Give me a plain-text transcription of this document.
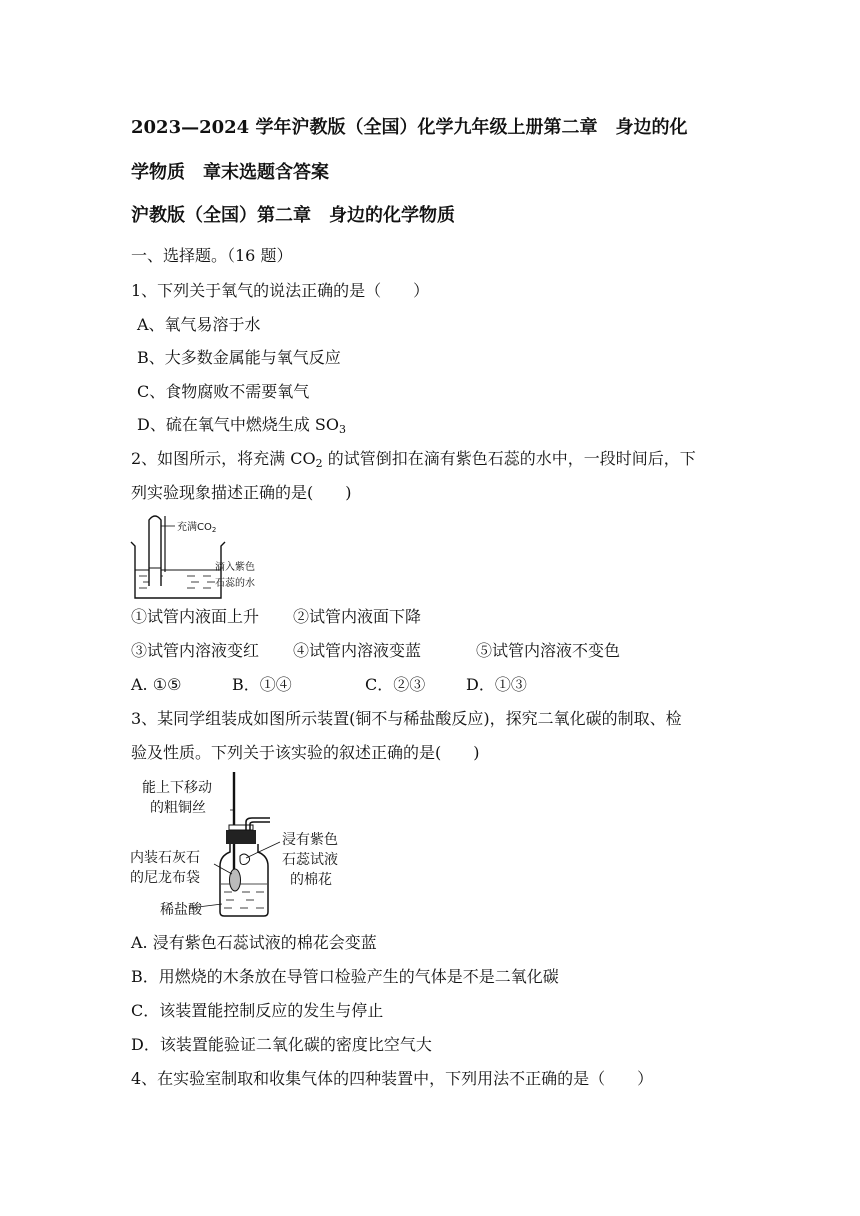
2023—2024 学年沪教版（全国）化学九年级上册第二章　身边的化
学物质　章末选题含答案
沪教版（全国）第二章　身边的化学物质
一、选择题。（16 题）
1、下列关于氧气的说法正确的是（　　）
A、氧气易溶于水
B、大多数金属能与氧气反应
C、食物腐败不需要氧气
D、硫在氧气中燃烧生成 $SO_3$
2、如图所示，将充满 $CO_2$ 的试管倒扣在滴有紫色石蕊的水中，一段时间后，下
列实验现象描述正确的是(　　)
充满$CO_2$
滴入紫色
石蕊的水
①试管内液面上升 ②试管内液面下降
③试管内溶液变红 ④试管内溶液变蓝	⑤试管内溶液不变色
A. ①⑤	B．①④	C．②③	D．①③
3、某同学组装成如图所示装置(铜不与稀盐酸反应)，探究二氧化碳的制取、检
验及性质。下列关于该实验的叙述正确的是(　　)
能上下移动
的粗铜丝
内装石灰石
的尼龙布袋
稀盐酸
浸有紫色
石蕊试液
的棉花
A. 浸有紫色石蕊试液的棉花会变蓝
B．用燃烧的木条放在导管口检验产生的气体是不是二氧化碳
C．该装置能控制反应的发生与停止
D．该装置能验证二氧化碳的密度比空气大
4、在实验室制取和收集气体的四种装置中，下列用法不正确的是（　　）
